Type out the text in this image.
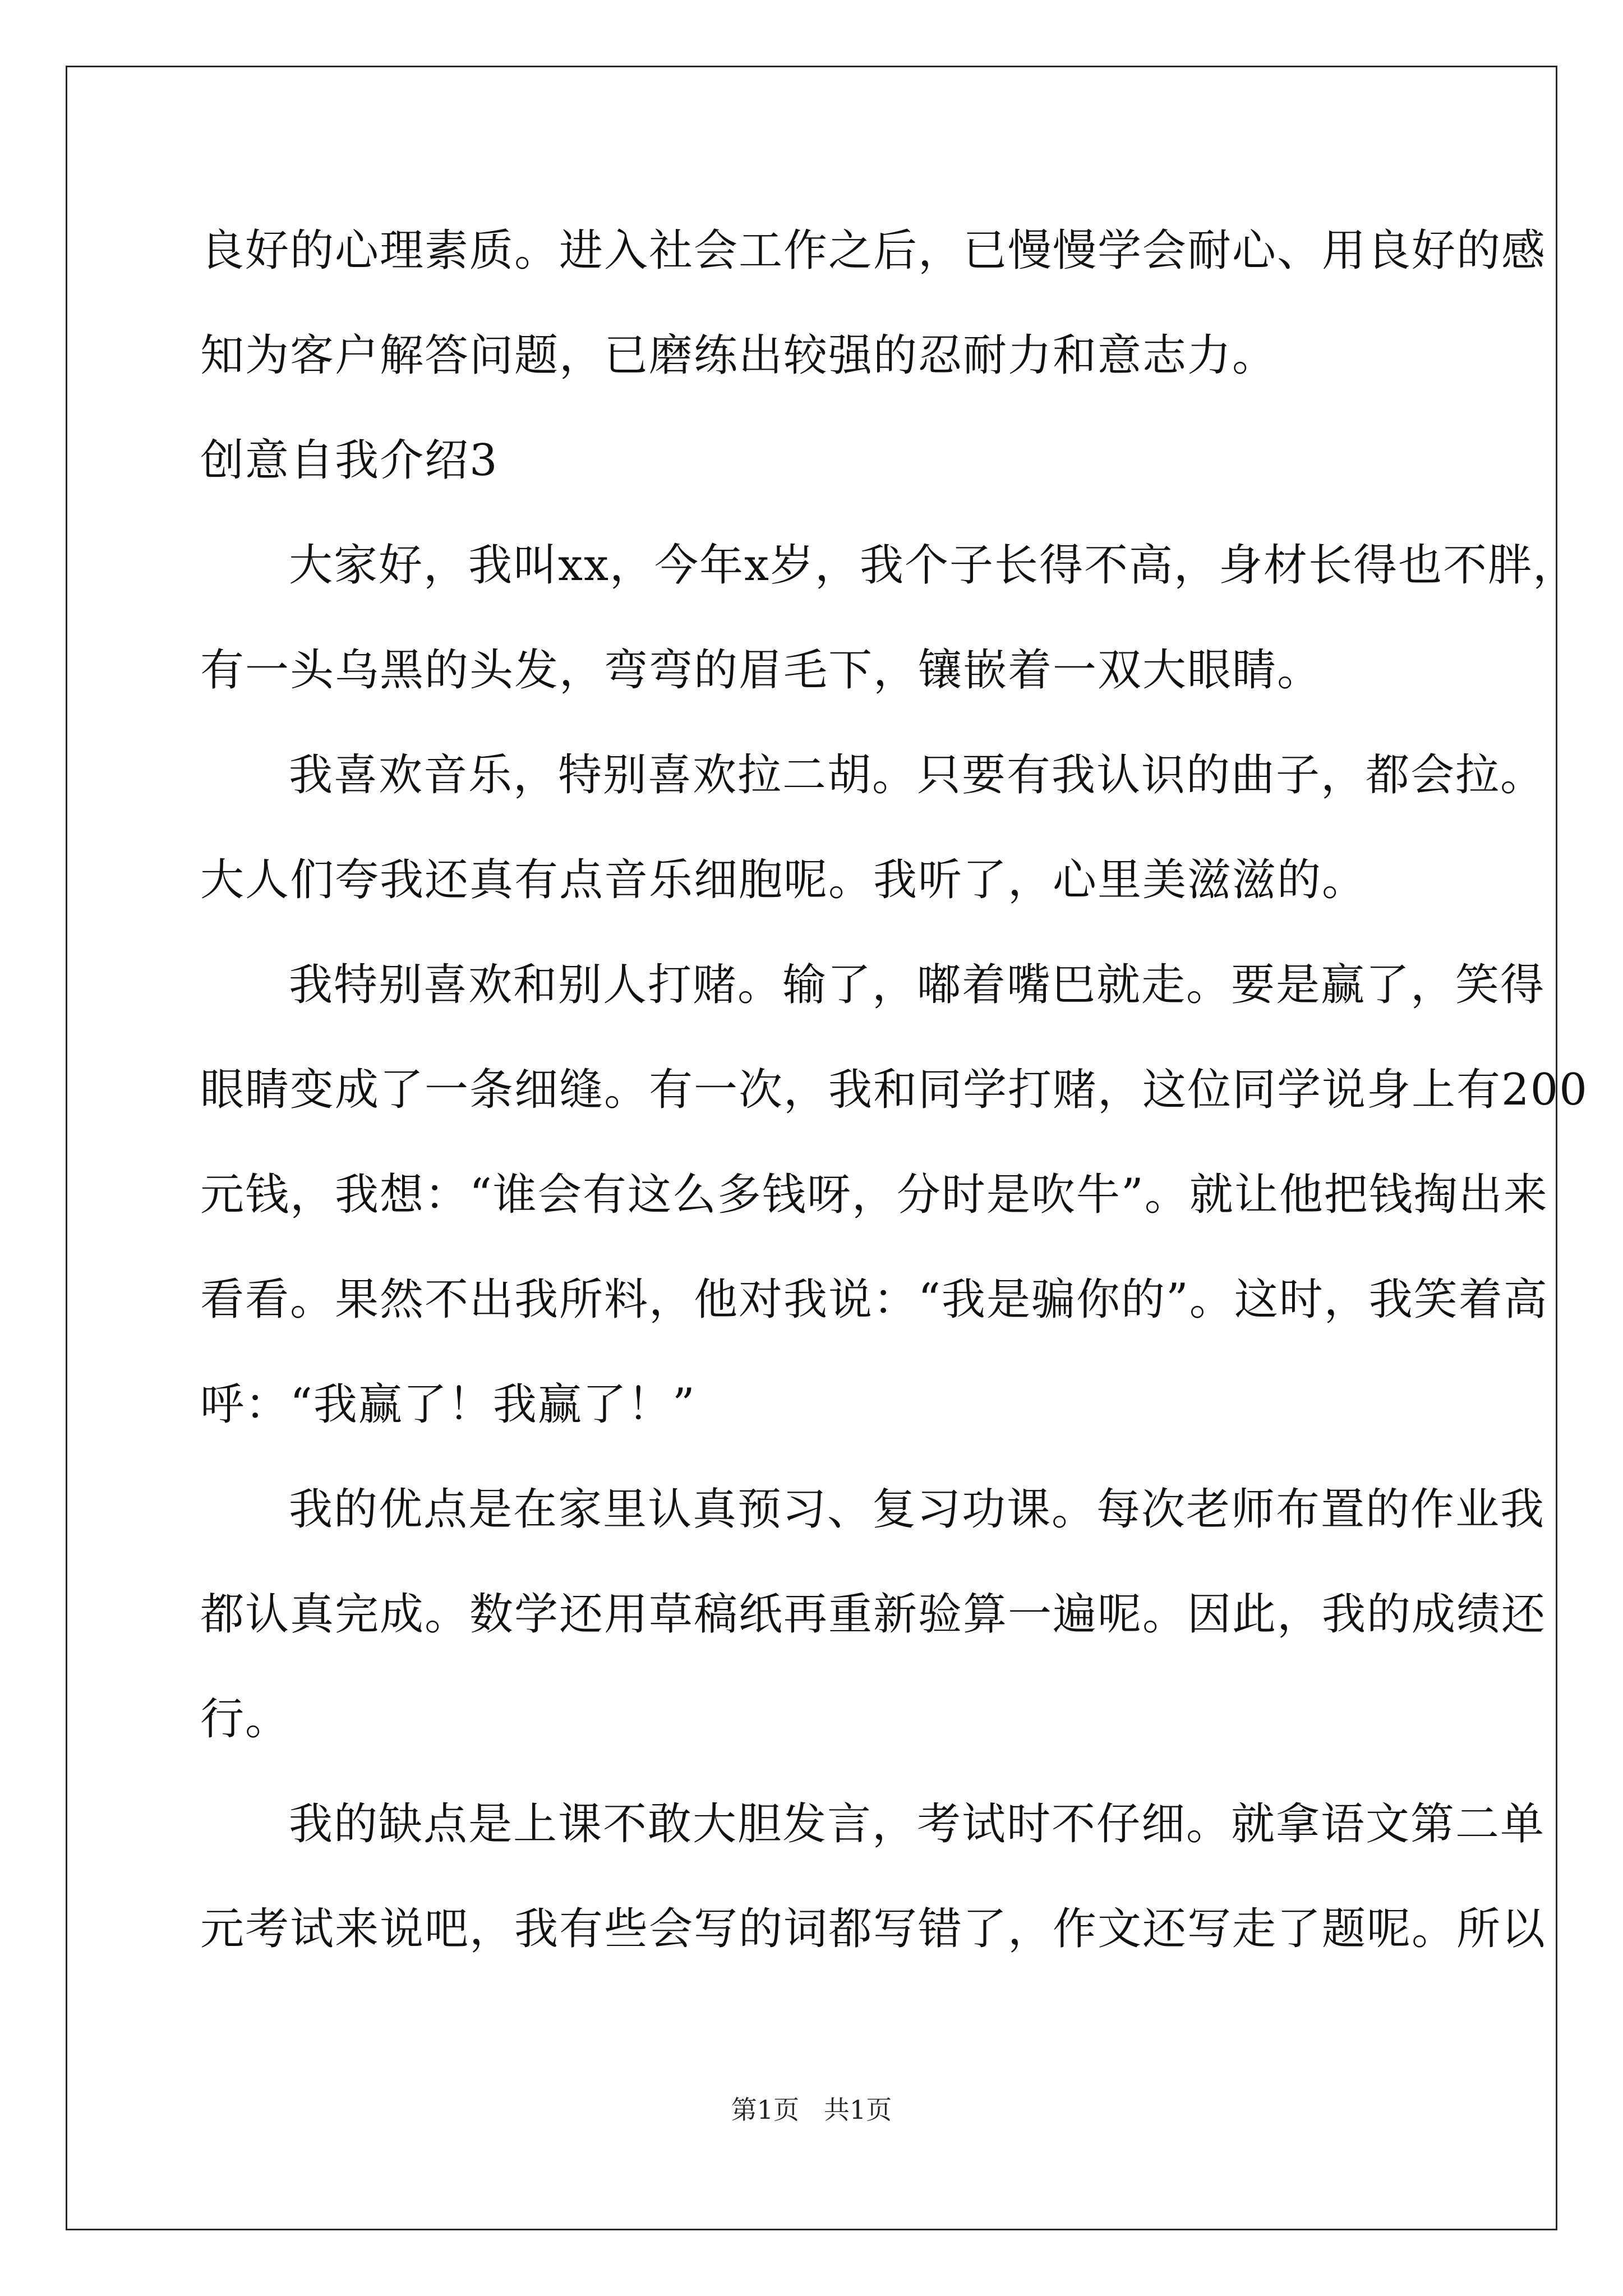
良好的心理素质。进入社会工作之后，已慢慢学会耐心、用良好的感
知为客户解答问题，已磨练出较强的忍耐力和意志力。
创意自我介绍3
大家好，我叫xx，今年x岁，我个子长得不高，身材长得也不胖，
有一头乌黑的头发，弯弯的眉毛下，镶嵌着一双大眼睛。
我喜欢音乐，特别喜欢拉二胡。只要有我认识的曲子，都会拉。
大人们夸我还真有点音乐细胞呢。我听了，心里美滋滋的。
我特别喜欢和别人打赌。输了，嘟着嘴巴就走。要是赢了，笑得
眼睛变成了一条细缝。有一次，我和同学打赌，这位同学说身上有200
元钱，我想：“谁会有这么多钱呀，分时是吹牛”。就让他把钱掏出来
看看。果然不出我所料，他对我说：“我是骗你的”。这时，我笑着高
呼：“我赢了！我赢了！”
我的优点是在家里认真预习、复习功课。每次老师布置的作业我
都认真完成。数学还用草稿纸再重新验算一遍呢。因此，我的成绩还
行。
我的缺点是上课不敢大胆发言，考试时不仔细。就拿语文第二单
元考试来说吧，我有些会写的词都写错了，作文还写走了题呢。所以
第1页   共1页
